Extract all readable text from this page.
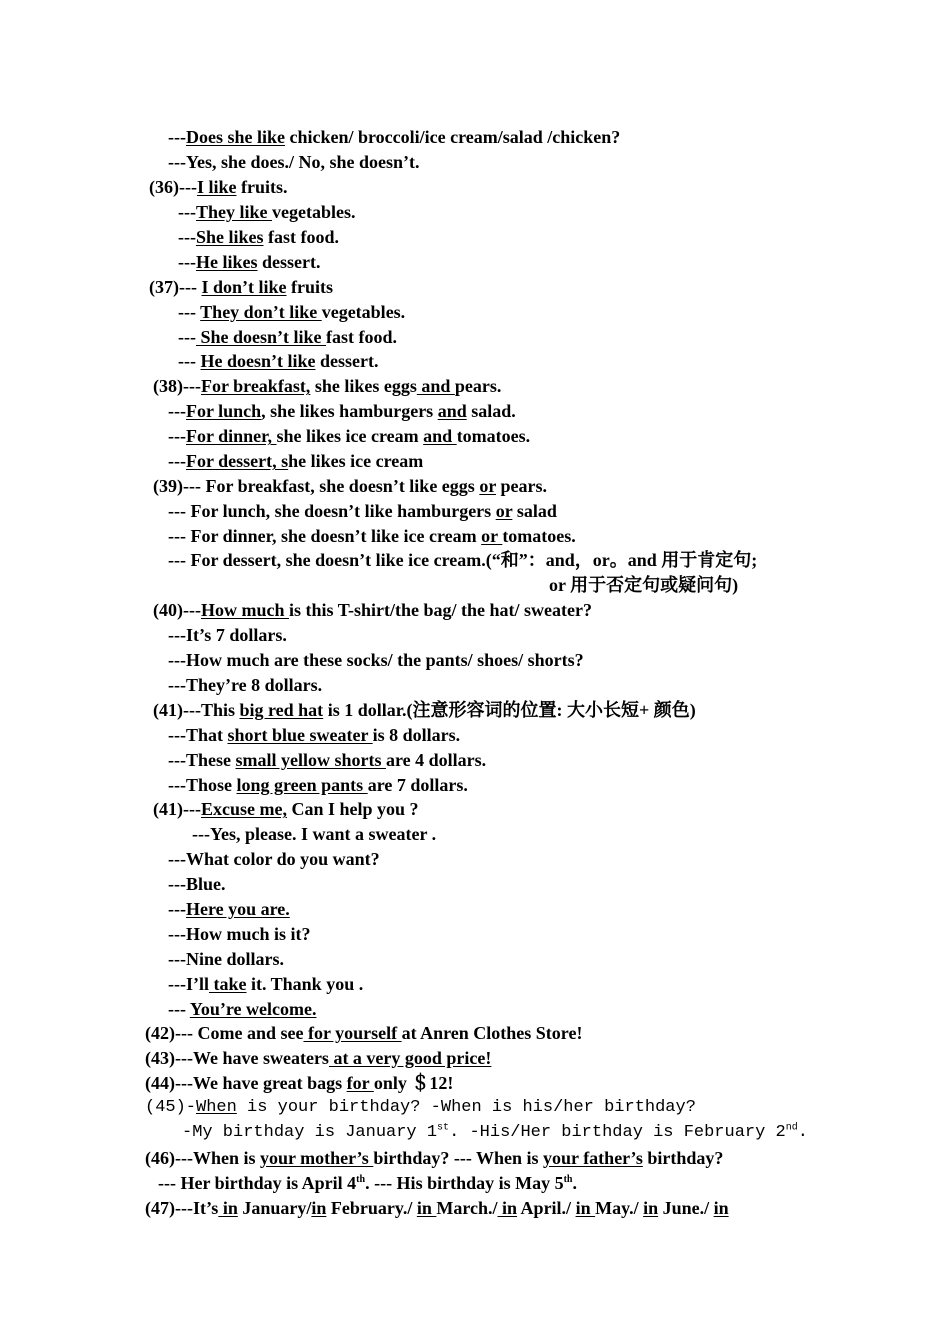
---Does she like chicken/ broccoli/ice cream/salad /chicken?
---Yes, she does./ No, she doesn’t.
(36)---I like fruits.
---They like vegetables.
---She likes fast food.
---He likes dessert.
(37)--- I don’t like fruits
--- They don’t like vegetables.
--- She doesn’t like fast food.
--- He doesn’t like dessert.
(38)---For breakfast, she likes eggs and pears.
---For lunch, she likes hamburgers and salad.
---For dinner, she likes ice cream and tomatoes.
---For dessert, she likes ice cream
(39)--- For breakfast, she doesn’t like eggs or pears.
--- For lunch, she doesn’t like hamburgers or salad
--- For dinner, she doesn’t like ice cream or tomatoes.
--- For dessert, she doesn’t like ice cream.(“和”：and，or。and 用于肯定句;
or 用于否定句或疑问句)
(40)---How much is this T-shirt/the bag/ the hat/ sweater?
---It’s 7 dollars.
---How much are these socks/ the pants/ shoes/ shorts?
---They’re 8 dollars.
(41)---This big red hat is 1 dollar.(注意形容词的位置: 大小长短+ 颜色)
---That short blue sweater is 8 dollars.
---These small yellow shorts are 4 dollars.
---Those long green pants are 7 dollars.
(41)---Excuse me, Can I help you ?
---Yes, please. I want a sweater .
---What color do you want?
---Blue.
---Here you are.
---How much is it?
---Nine dollars.
---I’ll take it. Thank you .
--- You’re welcome.
(42)--- Come and see for yourself at Anren Clothes Store!
(43)---We have sweaters at a very good price!
(44)---We have great bags for only ＄12!
(45)-When is your birthday? -When is his/her birthday?
-My birthday is January 1st. -His/Her birthday is February 2nd.
(46)---When is your mother’s birthday? --- When is your father’s birthday?
--- Her birthday is April 4th. --- His birthday is May 5th.
(47)---It’s in January/in February./ in March./ in April./ in May./ in June./ in
